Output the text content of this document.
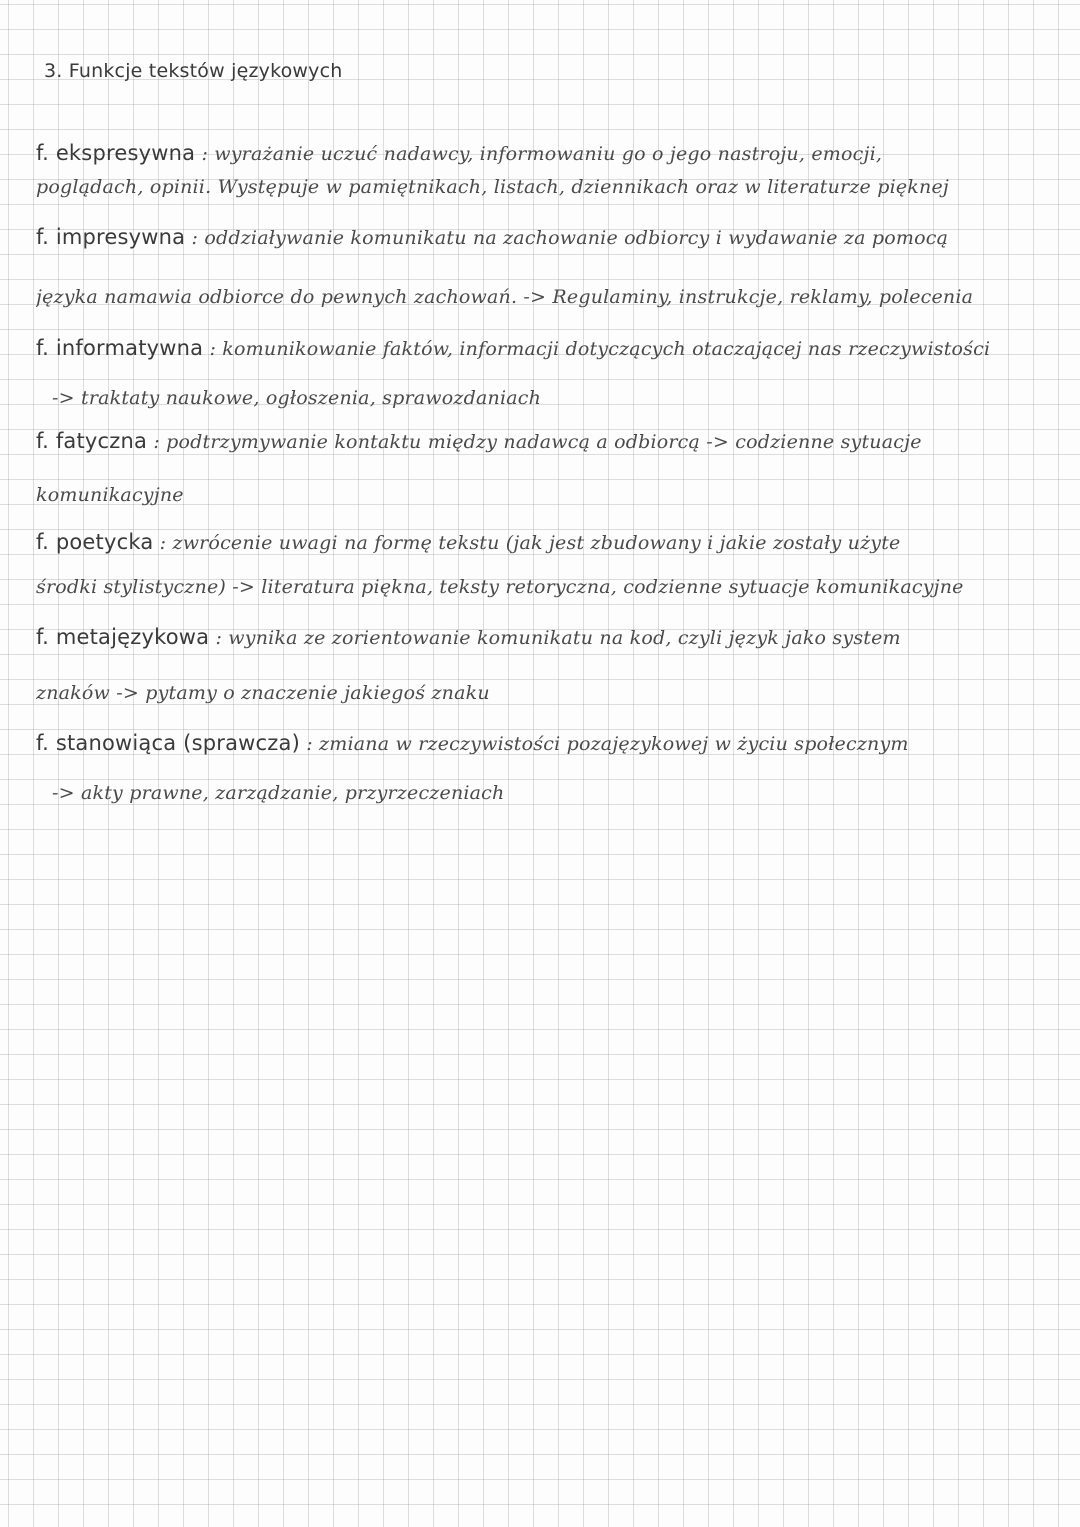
3. Funkcje tekstów językowych
f. ekspresywna : wyrażanie uczuć nadawcy, informowaniu go o jego nastroju, emocji,
poglądach, opinii. Występuje w pamiętnikach, listach, dziennikach oraz w literaturze pięknej
f. impresywna : oddziaływanie komunikatu na zachowanie odbiorcy i wydawanie za pomocą
języka namawia odbiorce do pewnych zachowań. -> Regulaminy, instrukcje, reklamy, polecenia
f. informatywna : komunikowanie faktów, informacji dotyczących otaczającej nas rzeczywistości
-> traktaty naukowe, ogłoszenia, sprawozdaniach
f. fatyczna : podtrzymywanie kontaktu między nadawcą a odbiorcą -> codzienne sytuacje
komunikacyjne
f. poetycka : zwrócenie uwagi na formę tekstu (jak jest zbudowany i jakie zostały użyte
środki stylistyczne) -> literatura piękna, teksty retoryczna, codzienne sytuacje komunikacyjne
f. metajęzykowa : wynika ze zorientowanie komunikatu na kod, czyli język jako system
znaków -> pytamy o znaczenie jakiegoś znaku
f. stanowiąca (sprawcza) : zmiana w rzeczywistości pozajęzykowej w życiu społecznym
-> akty prawne, zarządzanie, przyrzeczeniach
